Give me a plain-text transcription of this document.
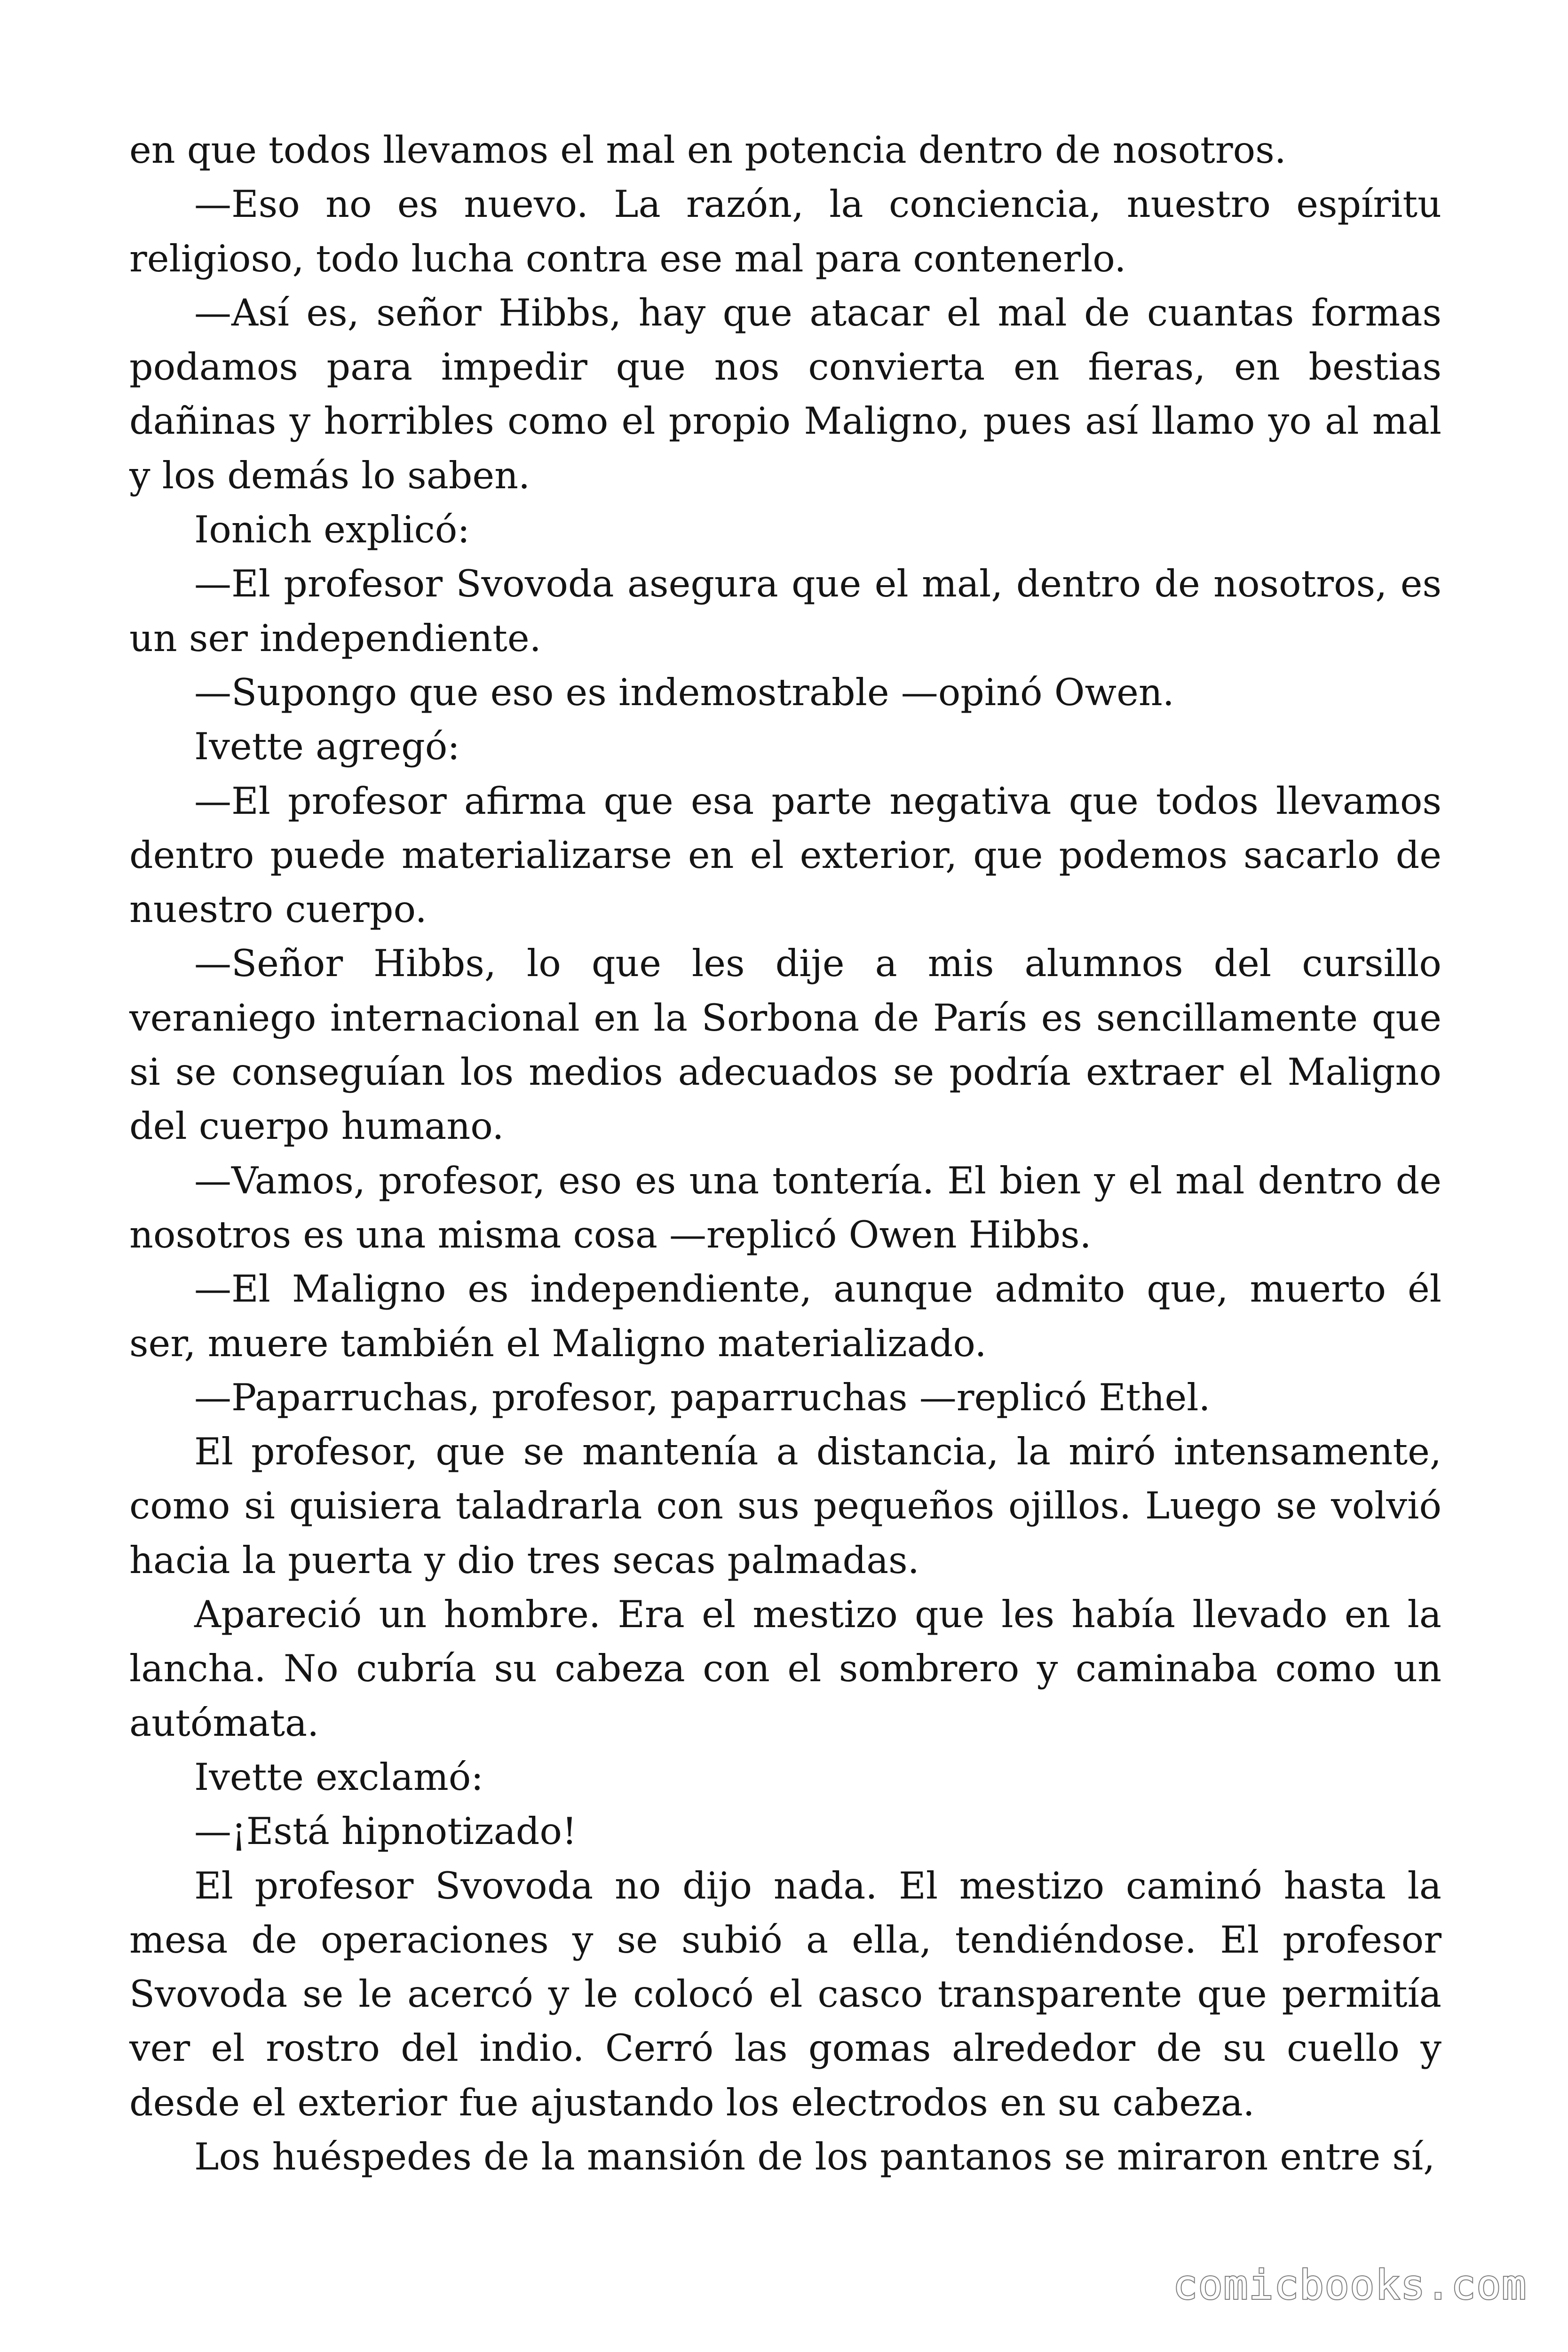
en que todos llevamos el mal en potencia dentro de nosotros.

—Eso no es nuevo. La razón, la conciencia, nuestro espíritu religioso, todo lucha contra ese mal para contenerlo.

—Así es, señor Hibbs, hay que atacar el mal de cuantas formas podamos para impedir que nos convierta en fieras, en bestias dañinas y horribles como el propio Maligno, pues así llamo yo al mal y los demás lo saben.

Ionich explicó:

—El profesor Svovoda asegura que el mal, dentro de nosotros, es un ser independiente.

—Supongo que eso es indemostrable —opinó Owen.

Ivette agregó:

—El profesor afirma que esa parte negativa que todos llevamos dentro puede materializarse en el exterior, que podemos sacarlo de nuestro cuerpo.

—Señor Hibbs, lo que les dije a mis alumnos del cursillo veraniego internacional en la Sorbona de París es sencillamente que si se conseguían los medios adecuados se podría extraer el Maligno del cuerpo humano.

—Vamos, profesor, eso es una tontería. El bien y el mal dentro de nosotros es una misma cosa —replicó Owen Hibbs.

—El Maligno es independiente, aunque admito que, muerto él ser, muere también el Maligno materializado.

—Paparruchas, profesor, paparruchas —replicó Ethel.

El profesor, que se mantenía a distancia, la miró intensamente, como si quisiera taladrarla con sus pequeños ojillos. Luego se volvió hacia la puerta y dio tres secas palmadas.

Apareció un hombre. Era el mestizo que les había llevado en la lancha. No cubría su cabeza con el sombrero y caminaba como un autómata.

Ivette exclamó:

—¡Está hipnotizado!

El profesor Svovoda no dijo nada. El mestizo caminó hasta la mesa de operaciones y se subió a ella, tendiéndose. El profesor Svovoda se le acercó y le colocó el casco transparente que permitía ver el rostro del indio. Cerró las gomas alrededor de su cuello y desde el exterior fue ajustando los electrodos en su cabeza.

Los huéspedes de la mansión de los pantanos se miraron entre sí,

comicbooks.com
